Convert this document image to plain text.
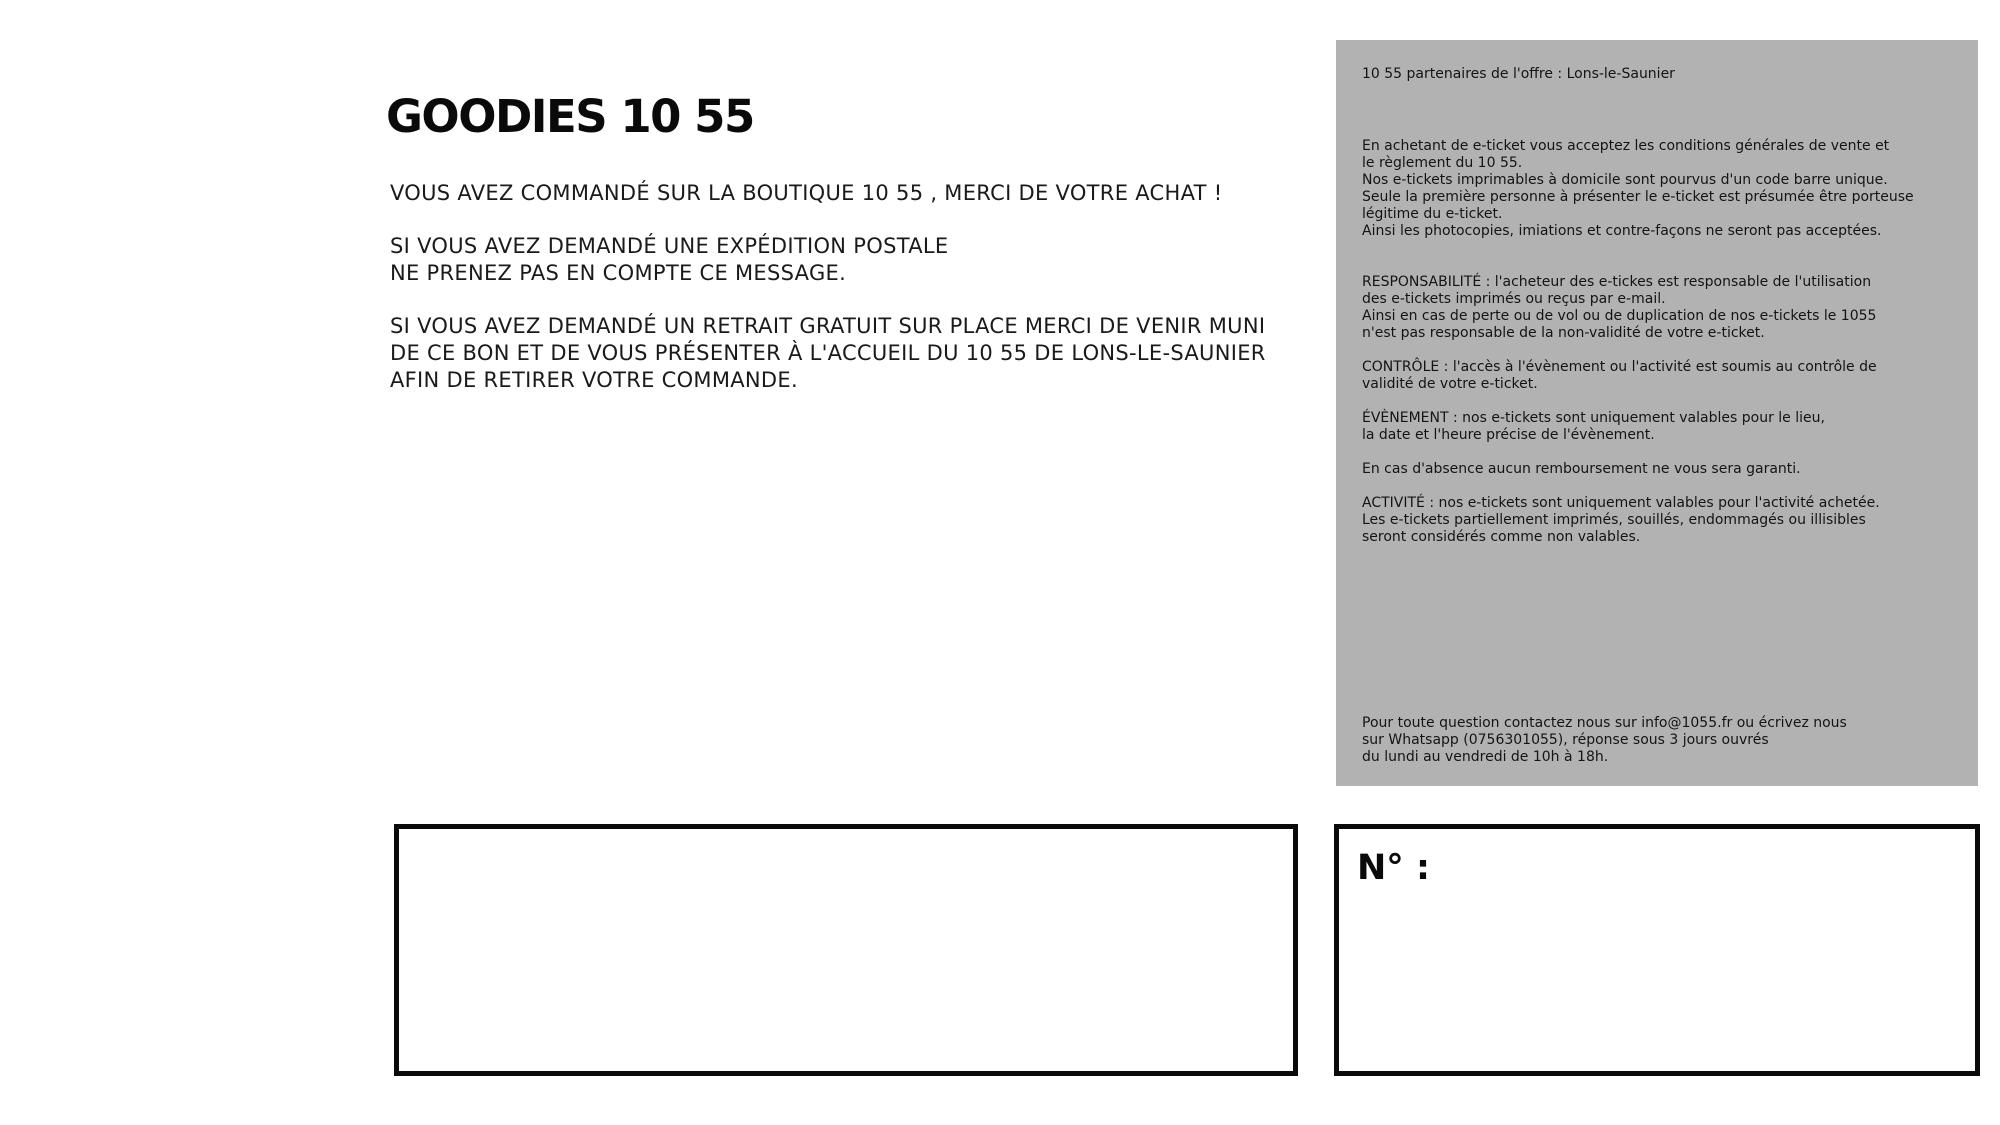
GOODIES 10 55

VOUS AVEZ COMMANDÉ SUR LA BOUTIQUE 10 55 , MERCI DE VOTRE ACHAT !

SI VOUS AVEZ DEMANDÉ UNE EXPÉDITION POSTALE
NE PRENEZ PAS EN COMPTE CE MESSAGE.

SI VOUS AVEZ DEMANDÉ UN RETRAIT GRATUIT SUR PLACE MERCI DE VENIR MUNI
DE CE BON ET DE VOUS PRÉSENTER À L'ACCUEIL DU 10 55 DE LONS-LE-SAUNIER
AFIN DE RETIRER VOTRE COMMANDE.

10 55 partenaires de l'offre : Lons-le-Saunier

En achetant de e-ticket vous acceptez les conditions générales de vente et
le règlement du 10 55.
Nos e-tickets imprimables à domicile sont pourvus d'un code barre unique.
Seule la première personne à présenter le e-ticket est présumée être porteuse
légitime du e-ticket.
Ainsi les photocopies, imiations et contre-façons ne seront pas acceptées.

RESPONSABILITÉ : l'acheteur des e-tickes est responsable de l'utilisation
des e-tickets imprimés ou reçus par e-mail.
Ainsi en cas de perte ou de vol ou de duplication de nos e-tickets le 1055
n'est pas responsable de la non-validité de votre e-ticket.

CONTRÔLE : l'accès à l'évènement ou l'activité est soumis au contrôle de
validité de votre e-ticket.

ÉVÈNEMENT : nos e-tickets sont uniquement valables pour le lieu,
la date et l'heure précise de l'évènement.

En cas d'absence aucun remboursement ne vous sera garanti.

ACTIVITÉ : nos e-tickets sont uniquement valables pour l'activité achetée.
Les e-tickets partiellement imprimés, souillés, endommagés ou illisibles
seront considérés comme non valables.

Pour toute question contactez nous sur info@1055.fr ou écrivez nous
sur Whatsapp (0756301055), réponse sous 3 jours ouvrés
du lundi au vendredi de 10h à 18h.

N° :
